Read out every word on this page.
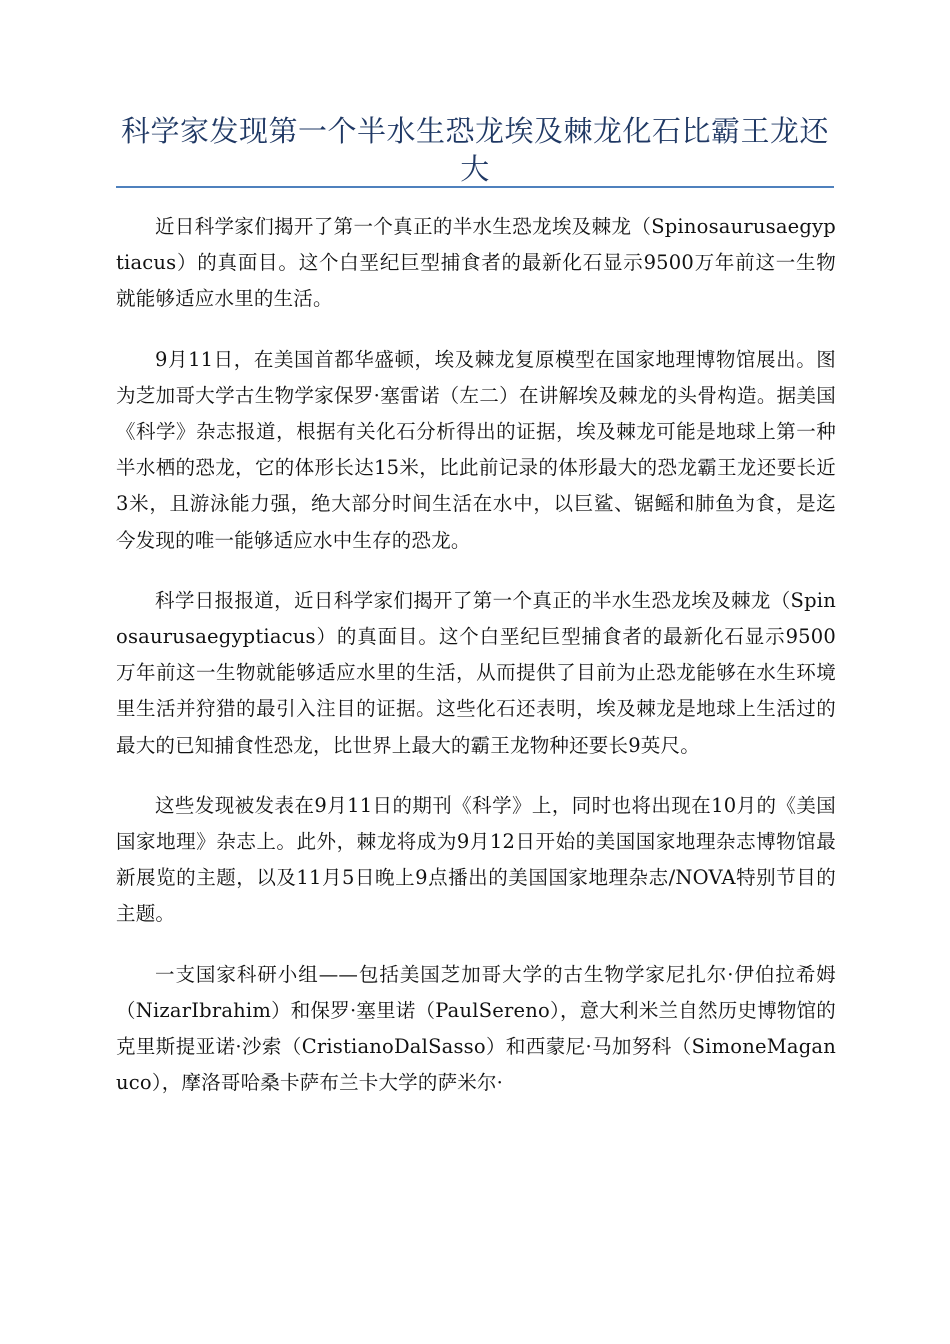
科学家发现第一个半水生恐龙埃及棘龙化石比霸王龙还大

近日科学家们揭开了第一个真正的半水生恐龙埃及棘龙（Spinosaurusaegyptiacus）的真面目。这个白垩纪巨型捕食者的最新化石显示9500万年前这一生物就能够适应水里的生活。

9月11日，在美国首都华盛顿，埃及棘龙复原模型在国家地理博物馆展出。图为芝加哥大学古生物学家保罗·塞雷诺（左二）在讲解埃及棘龙的头骨构造。据美国《科学》杂志报道，根据有关化石分析得出的证据，埃及棘龙可能是地球上第一种半水栖的恐龙，它的体形长达15米，比此前记录的体形最大的恐龙霸王龙还要长近3米，且游泳能力强，绝大部分时间生活在水中，以巨鲨、锯鳐和肺鱼为食，是迄今发现的唯一能够适应水中生存的恐龙。

科学日报报道，近日科学家们揭开了第一个真正的半水生恐龙埃及棘龙（Spinosaurusaegyptiacus）的真面目。这个白垩纪巨型捕食者的最新化石显示9500万年前这一生物就能够适应水里的生活，从而提供了目前为止恐龙能够在水生环境里生活并狩猎的最引入注目的证据。这些化石还表明，埃及棘龙是地球上生活过的最大的已知捕食性恐龙，比世界上最大的霸王龙物种还要长9英尺。

这些发现被发表在9月11日的期刊《科学》上，同时也将出现在10月的《美国国家地理》杂志上。此外，棘龙将成为9月12日开始的美国国家地理杂志博物馆最新展览的主题，以及11月5日晚上9点播出的美国国家地理杂志/NOVA特别节目的主题。

一支国家科研小组——包括美国芝加哥大学的古生物学家尼扎尔·伊伯拉希姆（NizarIbrahim）和保罗·塞里诺（PaulSereno），意大利米兰自然历史博物馆的克里斯提亚诺·沙索（CristianoDalSasso）和西蒙尼·马加努科（SimoneMaganuco），摩洛哥哈桑卡萨布兰卡大学的萨米尔·
